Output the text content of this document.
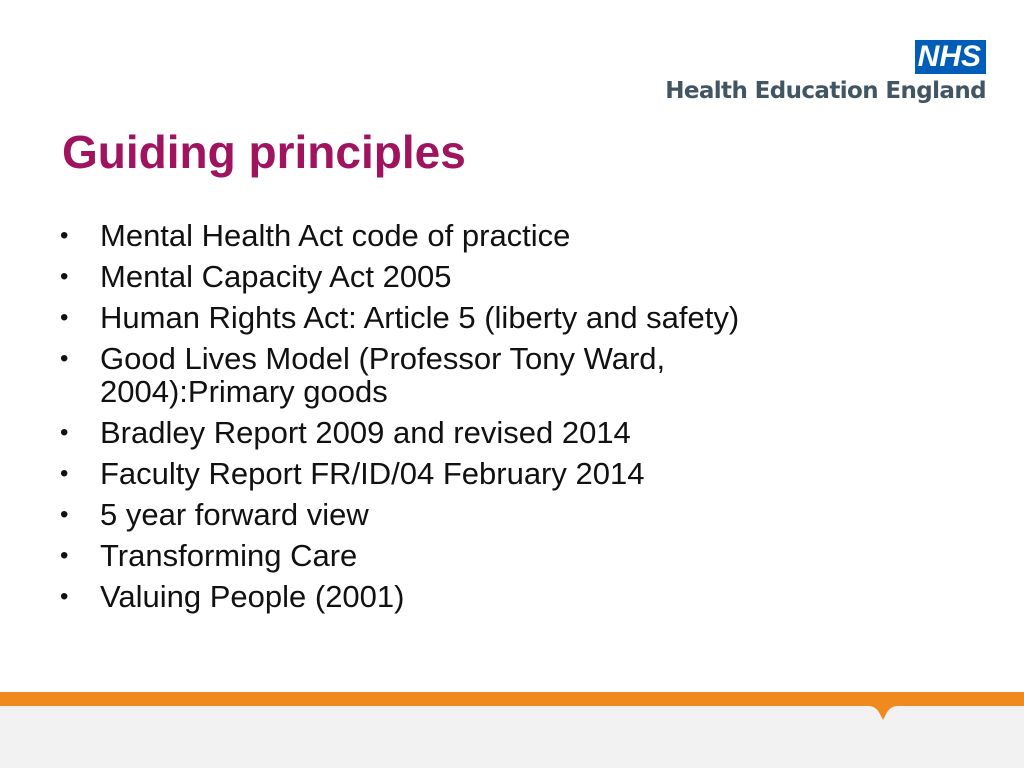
NHS
Health Education England
Guiding principles
• Mental Health Act code of practice
• Mental Capacity Act 2005
• Human Rights Act: Article 5 (liberty and safety)
• Good Lives Model (Professor Tony Ward, 2004):Primary goods
• Bradley Report 2009 and revised 2014
• Faculty Report FR/ID/04 February 2014
• 5 year forward view
• Transforming Care
• Valuing People (2001)
